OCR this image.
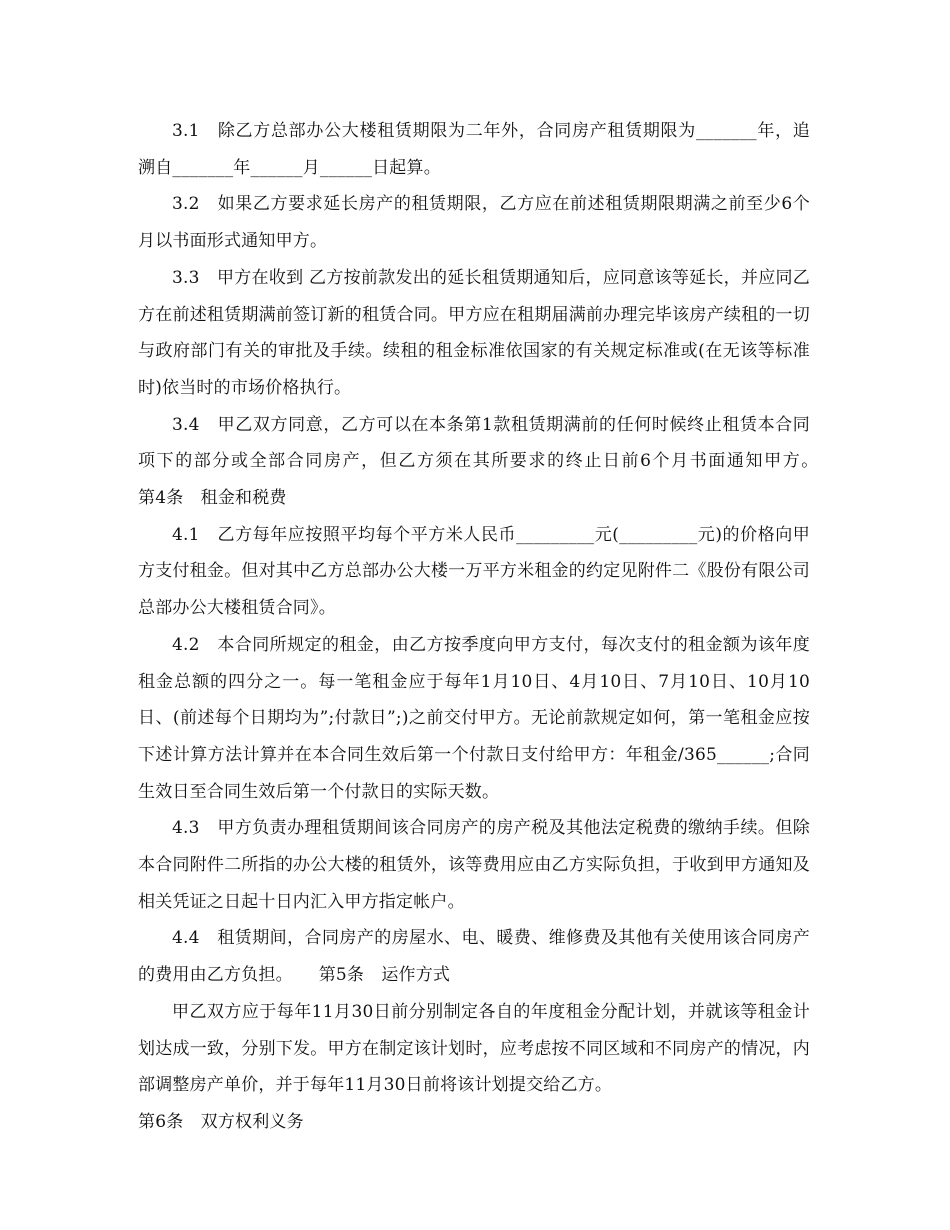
3.1　除乙方总部办公大楼租赁期限为二年外，合同房产租赁期限为_______年，追溯自_______年______月______日起算。

3.2　如果乙方要求延长房产的租赁期限，乙方应在前述租赁期限期满之前至少6个月以书面形式通知甲方。

3.3　甲方在收到 乙方按前款发出的延长租赁期通知后，应同意该等延长，并应同乙方在前述租赁期满前签订新的租赁合同。甲方应在租期届满前办理完毕该房产续租的一切与政府部门有关的审批及手续。续租的租金标准依国家的有关规定标准或(在无该等标准时)依当时的市场价格执行。

3.4　甲乙双方同意，乙方可以在本条第1款租赁期满前的任何时候终止租赁本合同项下的部分或全部合同房产，但乙方须在其所要求的终止日前6个月书面通知甲方。　　第4条　租金和税费

4.1　乙方每年应按照平均每个平方米人民币_________元(_________元)的价格向甲方支付租金。但对其中乙方总部办公大楼一万平方米租金的约定见附件二《股份有限公司总部办公大楼租赁合同》。

4.2　本合同所规定的租金，由乙方按季度向甲方支付，每次支付的租金额为该年度租金总额的四分之一。每一笔租金应于每年1月10日、4月10日、7月10日、10月10日、(前述每个日期均为”;付款日”;)之前交付甲方。无论前款规定如何，第一笔租金应按下述计算方法计算并在本合同生效后第一个付款日支付给甲方：年租金/365______;合同生效日至合同生效后第一个付款日的实际天数。

4.3　甲方负责办理租赁期间该合同房产的房产税及其他法定税费的缴纳手续。但除本合同附件二所指的办公大楼的租赁外，该等费用应由乙方实际负担，于收到甲方通知及相关凭证之日起十日内汇入甲方指定帐户。

4.4　租赁期间，合同房产的房屋水、电、暖费、维修费及其他有关使用该合同房产的费用由乙方负担。　　第5条　运作方式

甲乙双方应于每年11月30日前分别制定各自的年度租金分配计划，并就该等租金计划达成一致，分别下发。甲方在制定该计划时，应考虑按不同区域和不同房产的情况，内部调整房产单价，并于每年11月30日前将该计划提交给乙方。

第6条　双方权利义务
